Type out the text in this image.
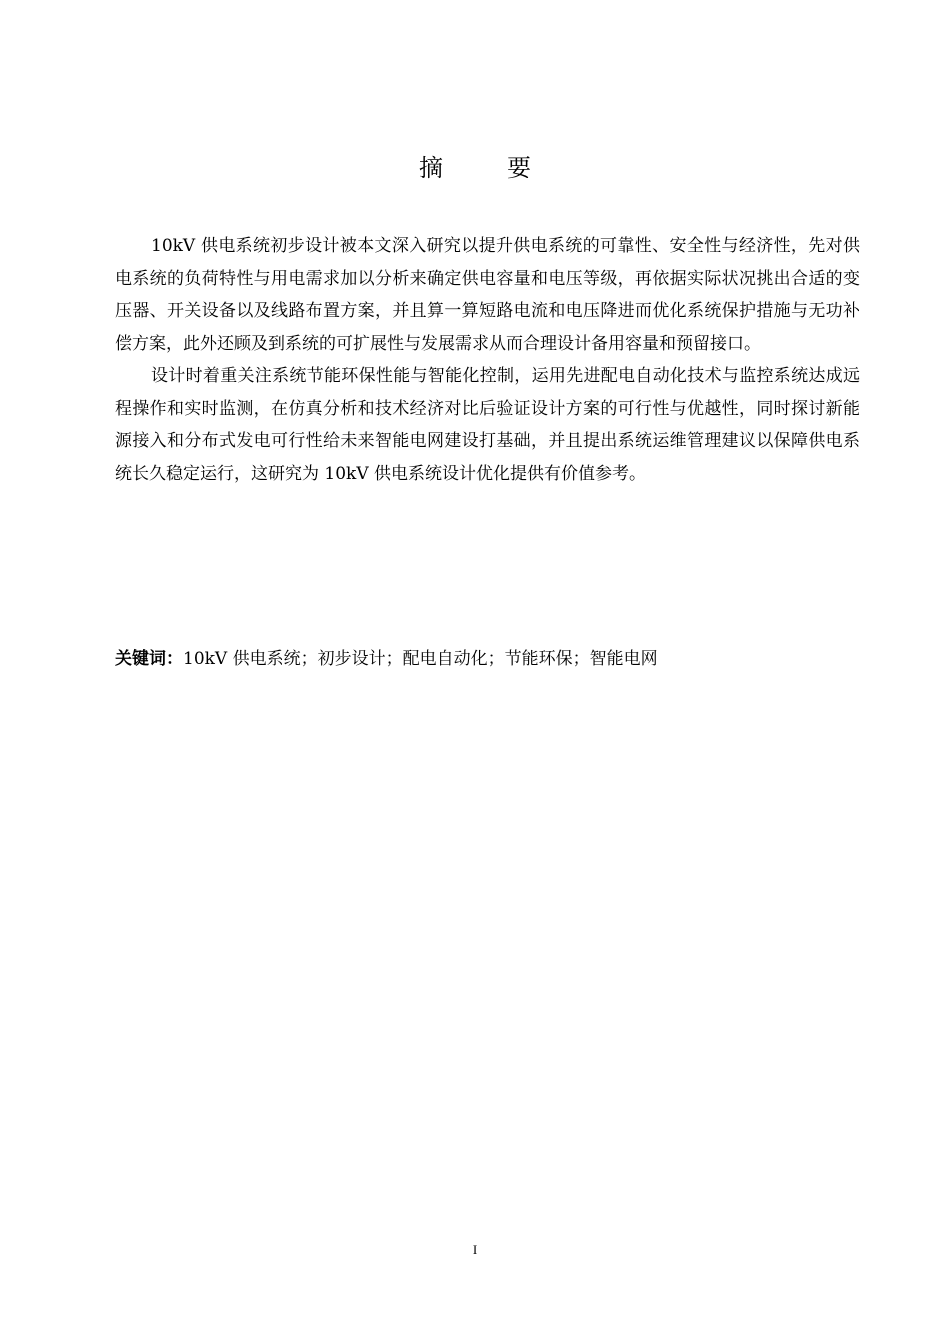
摘　要

10kV 供电系统初步设计被本文深入研究以提升供电系统的可靠性、安全性与经济性，先对供电系统的负荷特性与用电需求加以分析来确定供电容量和电压等级，再依据实际状况挑出合适的变压器、开关设备以及线路布置方案，并且算一算短路电流和电压降进而优化系统保护措施与无功补偿方案，此外还顾及到系统的可扩展性与发展需求从而合理设计备用容量和预留接口。

设计时着重关注系统节能环保性能与智能化控制，运用先进配电自动化技术与监控系统达成远程操作和实时监测，在仿真分析和技术经济对比后验证设计方案的可行性与优越性，同时探讨新能源接入和分布式发电可行性给未来智能电网建设打基础，并且提出系统运维管理建议以保障供电系统长久稳定运行，这研究为 10kV 供电系统设计优化提供有价值参考。

关键词：10kV 供电系统；初步设计；配电自动化；节能环保；智能电网

I
